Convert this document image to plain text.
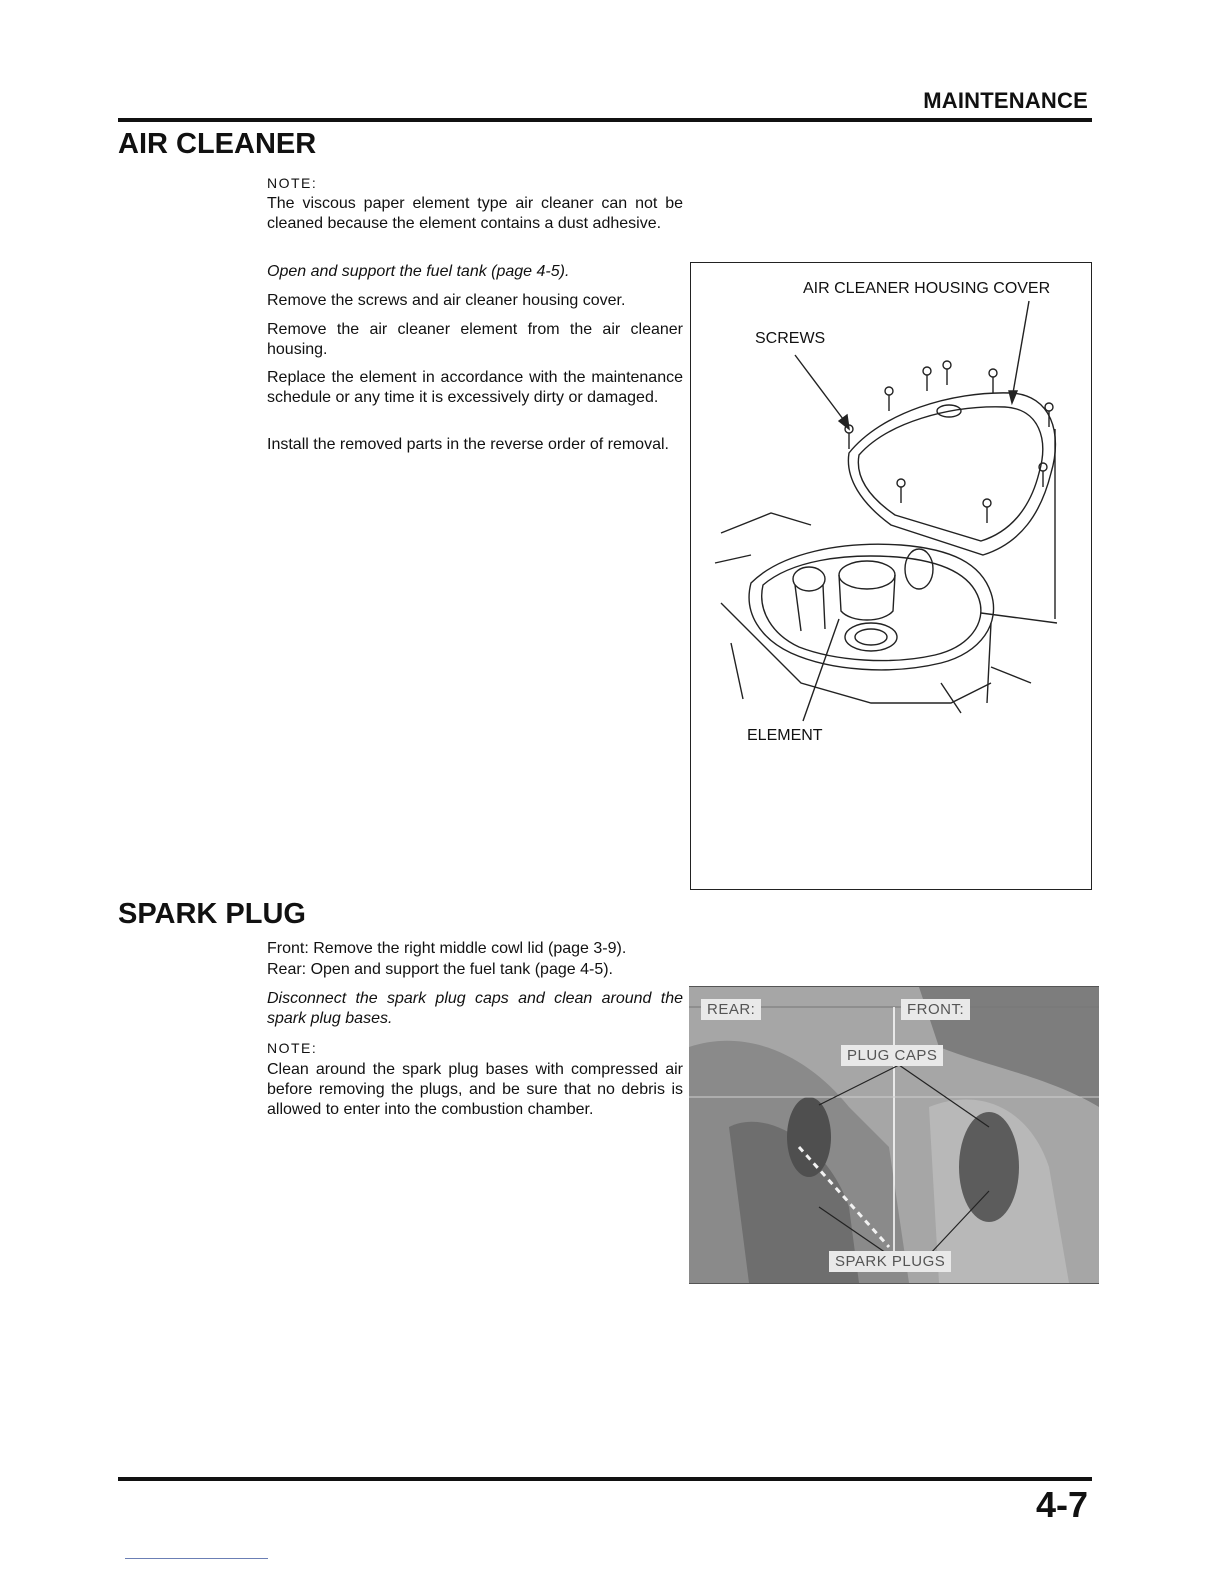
MAINTENANCE
AIR CLEANER
NOTE:
The viscous paper element type air cleaner can not be cleaned because the element contains a dust adhesive.
Open and support the fuel tank (page 4-5).
Remove the screws and air cleaner housing cover.
Remove the air cleaner element from the air cleaner housing.
Replace the element in accordance with the maintenance schedule or any time it is excessively dirty or damaged.
Install the removed parts in the reverse order of removal.
AIR CLEANER HOUSING COVER
SCREWS
ELEMENT
SPARK PLUG
Front: Remove the right middle cowl lid (page 3-9).
Rear: Open and support the fuel tank (page 4-5).
Disconnect the spark plug caps and clean around the spark plug bases.
NOTE:
Clean around the spark plug bases with compressed air before removing the plugs, and be sure that no debris is allowed to enter into the combustion chamber.
REAR:	FRONT:
PLUG CAPS
SPARK PLUGS
4-7
